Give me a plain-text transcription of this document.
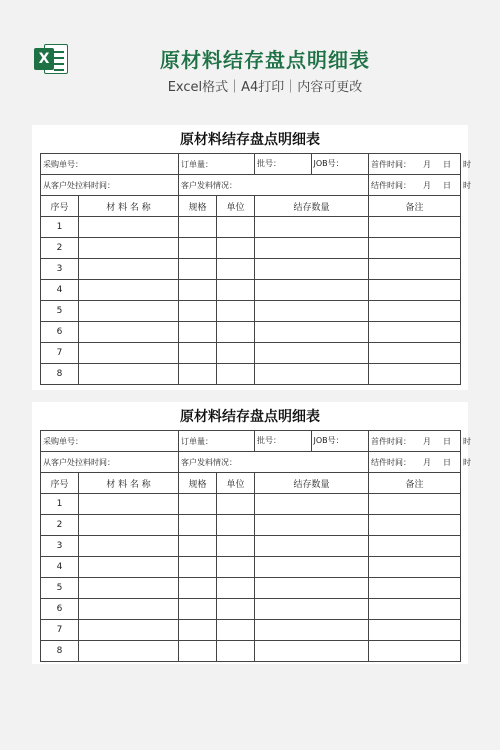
X	原材料结存盘点明细表
Excel格式｜A4打印｜内容可更改
原材料结存盘点明细表
采购单号：		订单量：		批号： JOB号：	首件时间： 月 日 时
从客户处拉料时间：		客户发料情况：			结件时间： 月 日 时
序号	材 料 名 称	规格	单位	结存数量	备注
1					
2					
3					
4					
5					
6					
7					
8					
原材料结存盘点明细表
采购单号：		订单量：		批号： JOB号：	首件时间： 月 日 时
从客户处拉料时间：		客户发料情况：			结件时间： 月 日 时
序号	材 料 名 称	规格	单位	结存数量	备注
1					
2					
3					
4					
5					
6					
7					
8					
